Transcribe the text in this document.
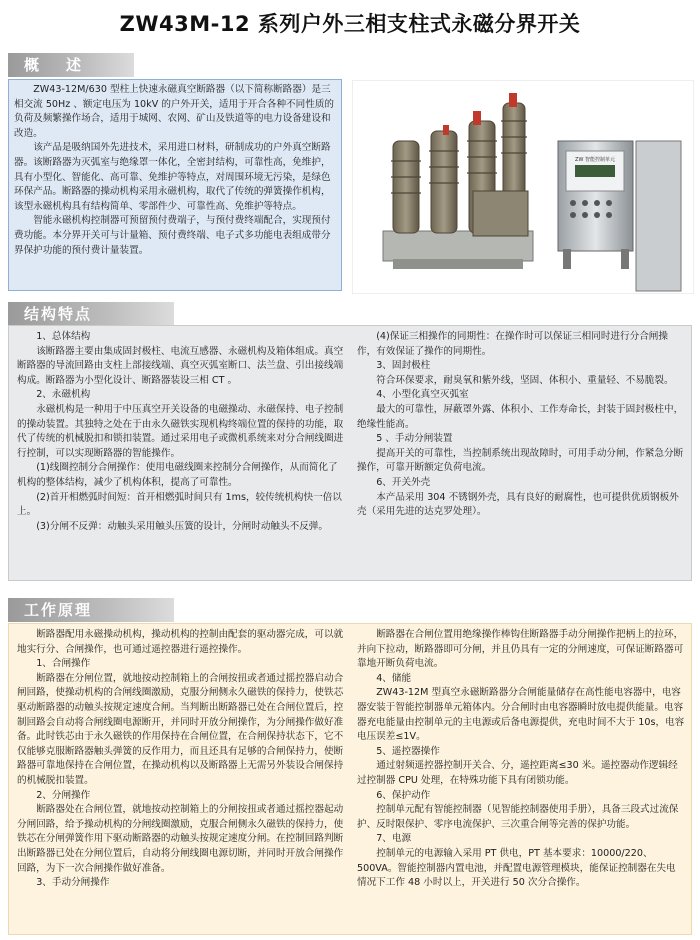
ZW43M-12 系列户外三相支柱式永磁分界开关
概　述

ZW43-12M/630 型柱上快速永磁真空断路器（以下简称断路器）是三相交流 50Hz 、额定电压为 10kV 的户外开关，适用于开合各种不同性质的负荷及频繁操作场合，适用于城网、农网、矿山及铁道等的电力设备建设和改造。

该产品是吸纳国外先进技术，采用进口材料，研制成功的户外真空断路器。该断路器为灭弧室与绝缘罩一体化，全密封结构，可靠性高，免维护，具有小型化、智能化、高可靠、免维护等特点，对周围环境无污染，是绿色环保产品。断路器的操动机构采用永磁机构，取代了传统的弹簧操作机构，该型永磁机构具有结构简单、零部件少、可靠性高、免维护等特点。

智能永磁机构控制器可预留预付费端子，与预付费终端配合，实现预付费功能。本分界开关可与计量箱、预付费终端、电子式多功能电表组成带分界保护功能的预付费计量装置。

ZW 智能控制单元
结构特点

1、总体结构

该断路器主要由集成固封极柱、电流互感器、永磁机构及箱体组成。真空断路器的导流回路由支柱上部接线端、真空灭弧室断口、法兰盘、引出接线端构成。断路器为小型化设计、断路器装设三相 CT 。

2、永磁机构

永磁机构是一种用于中压真空开关设备的电磁操动、永磁保持、电子控制的操动装置。其独特之处在于由永久磁铁实现机构终端位置的保持的功能，取代了传统的机械脱扣和锁扣装置。通过采用电子或微机系统来对分合闸线圈进行控制，可以实现断路器的智能操作。

(1)线圈控制分合闸操作：使用电磁线圈来控制分合闸操作，从而简化了机构的整体结构，减少了机构体积，提高了可靠性。

(2)首开相燃弧时间短：首开相燃弧时间只有 1ms，较传统机构快一倍以上。

(3)分闸不反弹：动触头采用触头压簧的设计，分闸时动触头不反弹。

(4)保证三相操作的同期性：在操作时可以保证三相同时进行分合闸操作，有效保证了操作的同期性。

3、固封极柱

符合环保要求，耐臭氧和紫外线，坚固、体积小、重量轻、不易脆裂。

4、小型化真空灭弧室

最大的可靠性，屏蔽罩外露、体积小、工作寿命长，封装于固封极柱中，绝缘性能高。

5 、手动分闸装置

提高开关的可靠性，当控制系统出现故障时，可用手动分闸，作紧急分断操作，可靠开断额定负荷电流。

6、开关外壳

本产品采用 304 不锈钢外壳，具有良好的耐腐性，也可提供优质钢板外壳（采用先进的达克罗处理）。

工作原理

断路器配用永磁操动机构，操动机构的控制由配套的驱动器完成，可以就地实行分、合闸操作，也可通过遥控器进行遥控操作。

1、合闸操作

断路器在分闸位置，就地按动控制箱上的合闸按扭或者通过摇控器启动合闸回路，使操动机构的合闸线圈激励，克服分闸侧永久磁铁的保持力，使铁芯驱动断路器的动触头按规定速度合闸。当判断出断路器已处在合闸位置后，控制回路会自动将合闸线圈电源断开，并同时开放分闸操作，为分闸操作做好准备。此时铁芯由于永久磁铁的作用保持在合闸位置，在合闸保持状态下，它不仅能够克服断路器触头弹簧的反作用力，而且还具有足够的合闸保持力，使断路器可靠地保持在合闸位置，在操动机构以及断路器上无需另外装设合闸保持的机械脱扣装置。

2、分闸操作

断路器处在合闸位置，就地按动控制箱上的分闸按扭或者通过摇控器起动分闸回路，给予操动机构的分闸线圈激励，克服合闸侧永久磁铁的保持力，使铁芯在分闸弹簧作用下驱动断路器的动触头按规定速度分闸。在控制回路判断出断路器已处在分闸位置后，自动将分闸线圈电源切断，并同时开放合闸操作回路，为下一次合闸操作做好准备。

3、手动分闸操作

断路器在合闸位置用绝缘操作棒钩住断路器手动分闸操作把柄上的拉环，并向下拉动，断路器即可分闸，并且仍具有一定的分闸速度，可保证断路器可靠地开断负荷电流。

4、储能

ZW43-12M 型真空永磁断路器分合闸能量储存在高性能电容器中，电容器安装于智能控制器单元箱体内。分合闸时由电容器瞬时放电提供能量。电容器充电能量由控制单元的主电源或后备电源提供，充电时间不大于 10s，电容电压误差≤1V。

5、遥控器操作

通过射频遥控器控制开关合、分，遥控距离≤30 米。遥控器动作逻辑经过控制器 CPU 处理，在特殊功能下具有闭锁功能。

6、保护动作

控制单元配有智能控制器（见智能控制器使用手册），具备三段式过流保护、反时限保护、零序电流保护、三次重合闸等完善的保护功能。

7、电源

控制单元的电源输入采用 PT 供电，PT 基本要求：10000/220、500VA。智能控制器内置电池，并配置电源管理模块，能保证控制器在失电情况下工作 48 小时以上，开关进行 50 次分合操作。
